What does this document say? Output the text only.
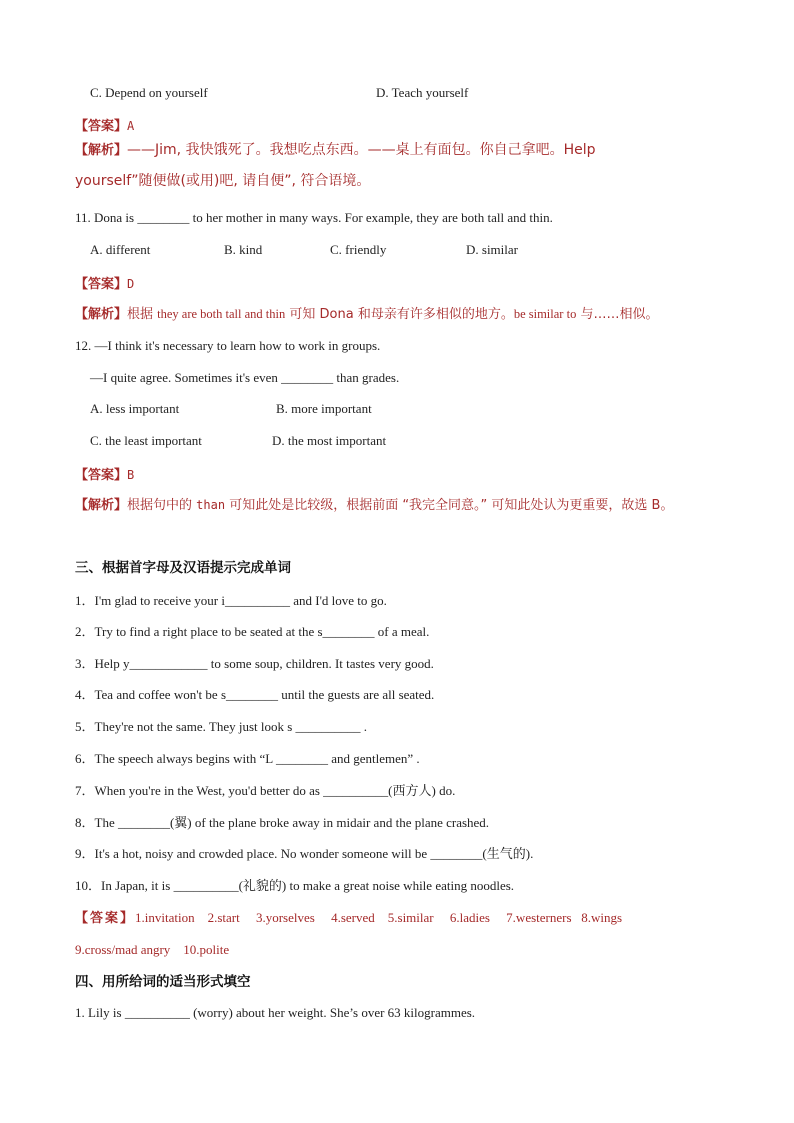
C. Depend on yourself	D. Teach yourself
【答案】A
【解析】——Jim, 我快饿死了。我想吃点东西。——桌上有面包。你自己拿吧。Help
yourself”随便做(或用)吧, 请自便”, 符合语境。
11. Dona is ________ to her mother in many ways. For example, they are both tall and thin.
A. different	B. kind	C. friendly	D. similar
【答案】D
【解析】根据 they are both tall and thin 可知 Dona 和母亲有许多相似的地方。be similar to 与……相似。
12. —I think it's necessary to learn how to work in groups.
—I quite agree. Sometimes it's even ________ than grades.
A. less important	B. more important
C. the least important	D. the most important
【答案】B
【解析】根据句中的 than 可知此处是比较级，根据前面 “我完全同意。” 可知此处认为更重要，故选 B。
三、根据首字母及汉语提示完成单词
1．I'm glad to receive your i__________ and I'd love to go.
2．Try to find a right place to be seated at the s________ of a meal.
3．Help y____________ to some soup, children. It tastes very good.
4．Tea and coffee won't be s________ until the guests are all seated.
5．They're not the same. They just look s __________ .
6．The speech always begins with “L ________ and gentlemen” .
7．When you're in the West, you'd better do as __________(西方人) do.
8．The ________(翼) of the plane broke away in midair and the plane crashed.
9．It's a hot, noisy and crowded place. No wonder someone will be ________(生气的).
10．In Japan, it is __________(礼貌的) to make a great noise while eating noodles.
【答案】1.invitation    2.start     3.yorselves     4.served    5.similar     6.ladies     7.westerners   8.wings
9.cross/mad angry    10.polite
四、用所给词的适当形式填空
1. Lily is __________ (worry) about her weight. She’s over 63 kilogrammes.
